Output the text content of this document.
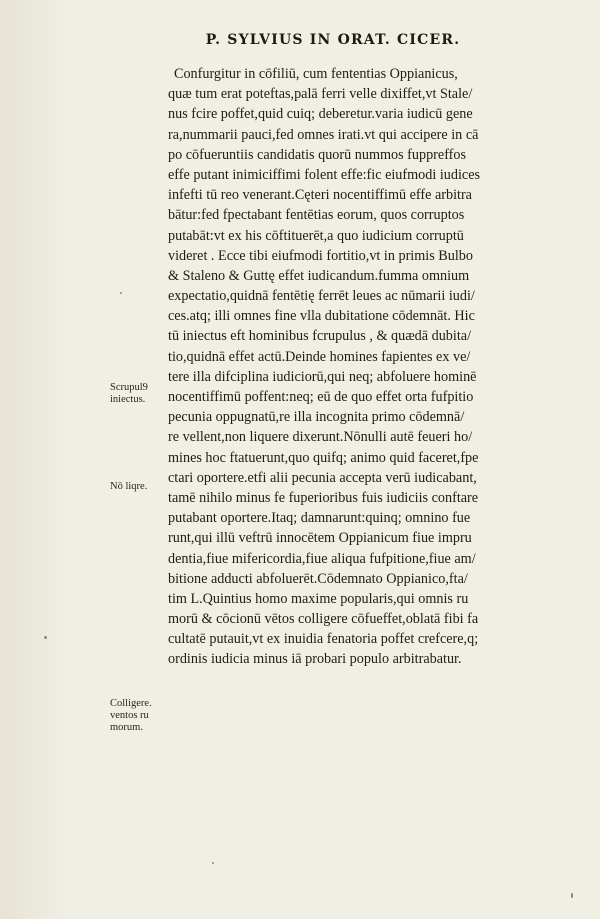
P. SYLVIUS IN ORAT. CICER.
Confurgitur in cōfiliū, cum fententias Oppianicus,
quæ tum erat poteftas,palā ferri velle dixiffet,vt Stale/
nus fcire poffet,quid cuiq; deberetur.varia iudicū gene
ra,nummarii pauci,fed omnes irati.vt qui accipere in cā
po cōfueruntiis candidatis quorū nummos fuppreffos
effe putant inimiciffimi folent effe:fic eiufmodi iudices
infefti tū reo venerant.Cęteri nocentiffimū effe arbitra
bātur:fed fpectabant fentētias eorum, quos corruptos
putabāt:vt ex his cōftituerēt,a quo iudicium corruptū
videret . Ecce tibi eiufmodi fortitio,vt in primis Bulbo
& Staleno & Guttę effet iudicandum.fumma omnium
expectatio,quidnā fentētię ferrēt leues ac nūmarii iudi/
ces.atq; illi omnes fine vlla dubitatione cōdemnāt. Hic
tū iniectus eft hominibus fcrupulus , & quædā dubita/
tio,quidnā effet actū.Deinde homines fapientes ex ve/
tere illa difciplina iudiciorū,qui neq; abfoluere hominē
nocentiffimū poffent:neq; eū de quo effet orta fufpitio
pecunia oppugnatū,re illa incognita primo cōdemnā/
re vellent,non liquere dixerunt.Nōnulli autē feueri ho/
mines hoc ftatuerunt,quo quifq; animo quid faceret,fpe
ctari oportere.etfi alii pecunia accepta verū iudicabant,
tamē nihilo minus fe fuperioribus fuis iudiciis conftare
putabant oportere.Itaq; damnarunt:quinq; omnino fue
runt,qui illū veftrū innocētem Oppianicum fiue impru
dentia,fiue mifericordia,fiue aliqua fufpitione,fiue am/
bitione adducti abfoluerēt.Cōdemnato Oppianico,fta/
tim L.Quintius homo maxime popularis,qui omnis ru
morū & cōcionū vētos colligere cōfueffet,oblatā fibi fa
cultatē putauit,vt ex inuidia fenatoria poffet crefcere,q;
ordinis iudicia minus iā probari populo arbitrabatur.
Scrupul9
iniectus.
Nō liqre.
Colligere.
ventos ru
morum.
